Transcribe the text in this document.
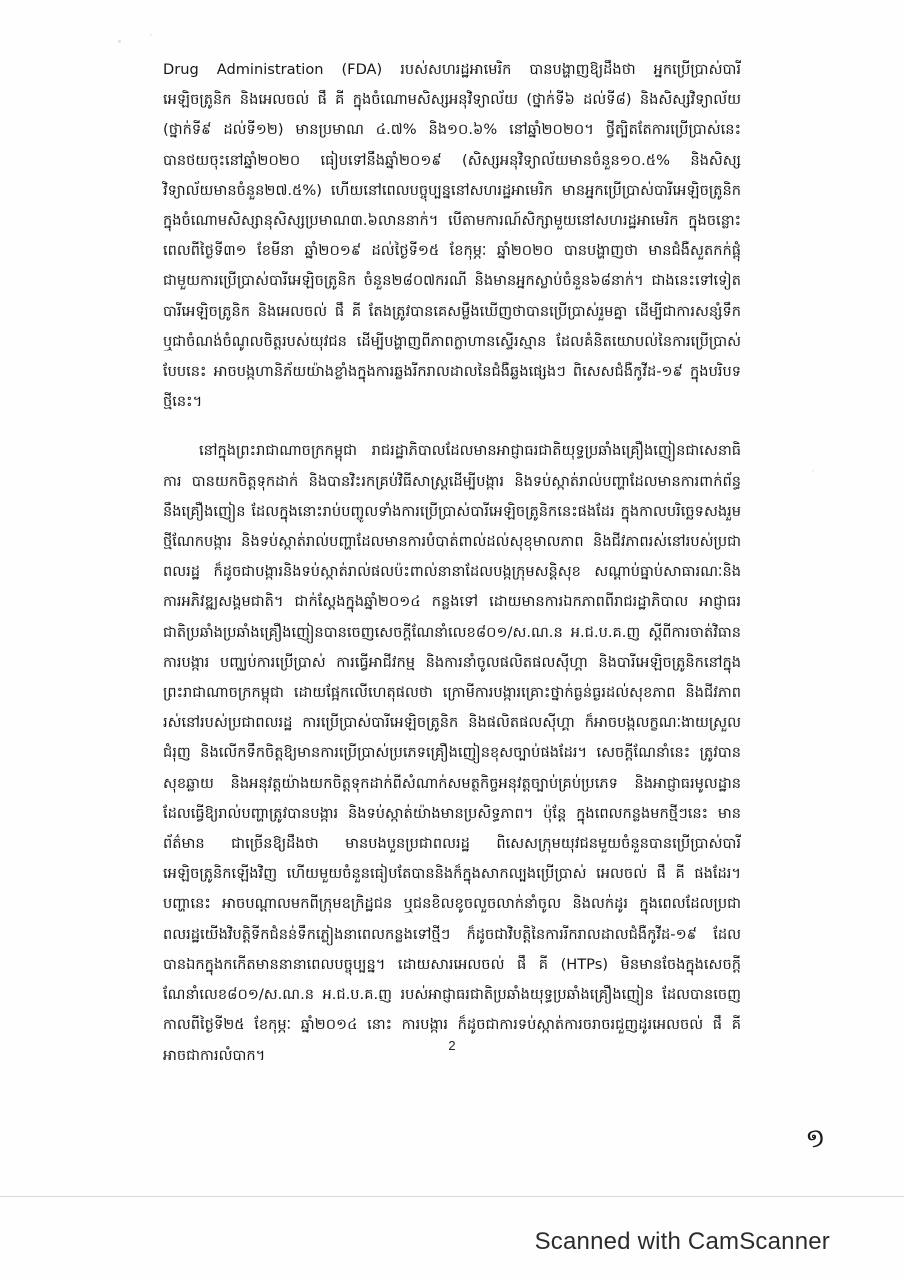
Drug Administration (FDA) របស់សហរដ្ឋអាមេរិក បានបង្ហាញឱ្យដឹងថា អ្នកប្រើប្រាស់បារីអេឡិចត្រូនិក និងអេលចល់ ផឹ គី ក្នុងចំណោមសិស្សអនុវិទ្យាល័យ (ថ្នាក់ទី៦ ដល់ទី៨) និងសិស្សវិទ្យាល័យ (ថ្នាក់ទី៩ ដល់ទី១២) មានប្រមាណ ៤.៧% និង១០.៦% នៅឆ្នាំ២០២០។ ថ្វីត្បិតតែការប្រើប្រាស់នេះ បានថយចុះនៅឆ្នាំ២០២០ ធៀបទៅនឹងឆ្នាំ២០១៩ (សិស្សអនុវិទ្យាល័យមានចំនួន១០.៥% និងសិស្សវិទ្យាល័យមានចំនួន២៧.៥%) ហើយនៅពេលបច្ចុប្បន្ននៅសហរដ្ឋអាមេរិក មានអ្នកប្រើប្រាស់បារីអេឡិចត្រូនិក ក្នុងចំណោមសិស្សានុសិស្សប្រមាណ៣.៦លាននាក់។ បើតាមការណ៍សិក្សាមួយនៅសហរដ្ឋអាមេរិក ក្នុងចន្លោះពេលពីថ្ងៃទី៣១ ខែមីនា ឆ្នាំ២០១៩ ដល់ថ្ងៃទី១៥ ខែកុម្ភៈ ឆ្នាំ២០២០ បានបង្ហាញថា មានជំងឺសួតកក់ផ្ពុំជាមួយការប្រើប្រាស់បារីអេឡិចត្រូនិក ចំនួន២៨០៧ករណី និងមានអ្នកស្លាប់ចំនួន៦៨នាក់។ ជាងនេះទៅទៀត បារីអេឡិចត្រូនិក និងអេលចល់ ផឹ គី តែងត្រូវបានគេសម្លឹងឃើញថាបានប្រើប្រាស់រួមគ្នា ដើម្បីជាការសន្សំទឹក ឬជាចំណង់ចំណូលចិត្តរបស់យុវជន ដើម្បីបង្ហាញពីភាពក្លាហានស្ទើរស្មាន ដែលគំនិតយោបល់នៃការប្រើប្រាស់បែបនេះ អាចបង្កហានិភ័យយ៉ាងខ្លាំងក្នុងការឆ្លងរីករាលដាលនៃជំងឺឆ្លងផ្សេងៗ ពិសេសជំងឺកូវីដ-១៩ ក្នុងបរិបទថ្មីនេះ។

នៅក្នុងព្រះរាជាណាចក្រកម្ពុជា រាជរដ្ឋាភិបាលដែលមានអាជ្ញាធរជាតិយុទ្ធប្រឆាំងគ្រឿងញៀនជាសេនាធិការ បានយកចិត្តទុកដាក់ និងបានវិះរកគ្រប់វិធីសាស្ត្រដើម្បីបង្ការ និងទប់ស្កាត់រាល់បញ្ហាដែលមានការពាក់ព័ន្ធនឹងគ្រឿងញៀន ដែលក្នុងនោះរាប់បញ្ចូលទាំងការប្រើប្រាស់បារីអេឡិចត្រូនិកនេះផងដែរ ក្នុងកាលបរិច្ឆេទសងរួមថ្មីណែកបង្ការ និងទប់ស្កាត់រាល់បញ្ហាដែលមានការបំបាត់ពាល់ដល់សុខុមាលភាព និងជីវភាពរស់នៅរបស់ប្រជាពលរដ្ឋ ក៏ដូចជាបង្ការនិងទប់ស្កាត់រាល់ផលប៉ះពាល់នានាដែលបង្កក្រុមសន្តិសុខ សណ្ដាប់ធ្នាប់សាធារណៈនិងការអភិវឌ្ឍសង្គមជាតិ។ ជាក់ស្ដែងក្នុងឆ្នាំ២០១៤ កន្លងទៅ ដោយមានការឯកភាពពីរាជរដ្ឋាភិបាល អាជ្ញាធរជាតិប្រឆាំងប្រឆាំងគ្រឿងញៀនបានចេញសេចក្ដីណែនាំលេខ៨០១/ស.ណ.ន អ.ជ.ប.គ.ញ ស្ដីពីការចាត់វិធានការបង្ការ បញ្ឈប់ការប្រើប្រាស់ ការធ្វើអាជីវកម្ម និងការនាំចូលផលិតផលស៊ីហ្គា និងបារីអេឡិចត្រូនិកនៅក្នុងព្រះរាជាណាចក្រកម្ពុជា ដោយផ្អែកលើហេតុផលថា ក្រោមីការបង្ការគ្រោះថ្នាក់ធ្ងន់ធ្ងរដល់សុខភាព និងជីវភាពរស់នៅរបស់ប្រជាពលរដ្ឋ ការប្រើប្រាស់បារីអេឡិចត្រូនិក និងផលិតផលស៊ីហ្គា ក៏អាចបង្កលក្ខណៈងាយស្រួល ជំរុញ និងលើកទឹកចិត្តឱ្យមានការប្រើប្រាស់ប្រភេទគ្រឿងញៀនខុសច្បាប់ផងដែរ។ សេចក្ដីណែនាំនេះ ត្រូវបានសុខឆ្លាយ និងអនុវត្តយ៉ាងយកចិត្តទុកដាក់ពីសំណាក់សមត្ថកិច្ចអនុវត្តច្បាប់គ្រប់ប្រភេទ និងអាជ្ញាធរមូលដ្ឋាន ដែលធ្វើឱ្យរាល់បញ្ហាត្រូវបានបង្ការ និងទប់ស្កាត់យ៉ាងមានប្រសិទ្ធភាព។ ប៉ុន្តែ ក្នុងពេលកន្លងមកថ្មីៗនេះ មានព័ត៌មាន ជាច្រើនឱ្យដឹងថា មានបងបួនប្រជាពលរដ្ឋ ពិសេសក្រុមយុវជនមួយចំនួនបានប្រើប្រាស់បារីអេឡិចត្រូនិកឡើងវិញ ហើយមួយចំនួនធៀបតែបាននិងក៏ក្នុងសាកល្បងប្រើប្រាស់ អេលចល់ ផឹ គី ផងដែរ។ បញ្ហានេះ អាចបណ្ដាលមកពីក្រុមឧក្រិដ្ឋជន ឬជនខិលខូចលួចលាក់នាំចូល និងលក់ដូរ ក្នុងពេលដែលប្រជាពលរដ្ឋយើងវិបត្តិទីកជំនន់ទឹកភ្លៀងនាពេលកន្លងទៅថ្មីៗ ក៏ដូចជាវិបត្តិនៃការរីករាលដាលជំងឺកូវីដ-១៩ ដែលបានឯកក្នុងកកើតមាននានាពេលបច្ចុប្បន្ន។ ដោយសារអេលចល់ ផឹ គី (HTPs) មិនមានចែងក្នុងសេចក្ដីណែនាំលេខ៨០១/ស.ណ.ន អ.ជ.ប.គ.ញ របស់អាជ្ញាធរជាតិប្រឆាំងយុទ្ធប្រឆាំងគ្រឿងញៀន ដែលបានចេញកាលពីថ្ងៃទី២៥ ខែកុម្ភៈ ឆ្នាំ២០១៤ នោះ ការបង្ការ ក៏ដូចជាការទប់ស្កាត់ការចរាចរជួញដូរអេលចល់ ផឹ គី អាចជាការលំបាក។

2
១
Scanned with CamScanner
